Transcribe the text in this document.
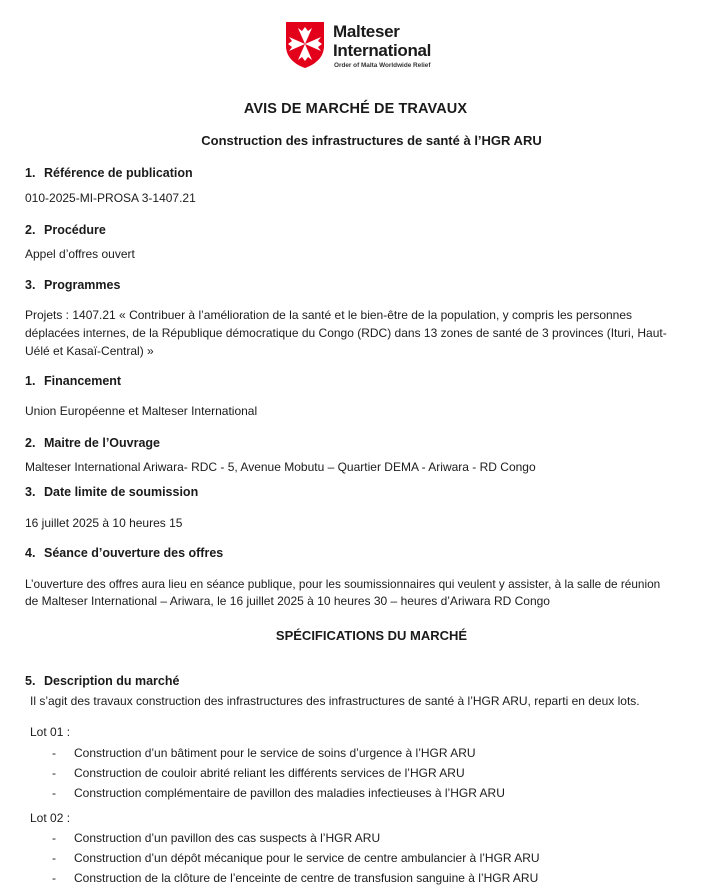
Malteser
International
Order of Malta Worldwide Relief
AVIS DE MARCHÉ DE TRAVAUX
Construction des infrastructures de santé à l’HGR ARU
1. Référence de publication
010-2025-MI-PROSA 3-1407.21
2. Procédure
Appel d’offres ouvert
3. Programmes
Projets : 1407.21 « Contribuer à l’amélioration de la santé et le bien-être de la population, y compris les personnes
déplacées internes, de la République démocratique du Congo (RDC) dans 13 zones de santé de 3 provinces (Ituri, Haut-
Uélé et Kasaï-Central) »
1. Financement
Union Européenne et Malteser International
2. Maitre de l’Ouvrage
Malteser International Ariwara- RDC - 5, Avenue Mobutu – Quartier DEMA - Ariwara - RD Congo
3. Date limite de soumission
16 juillet 2025 à 10 heures 15
4. Séance d’ouverture des offres
L’ouverture des offres aura lieu en séance publique, pour les soumissionnaires qui veulent y assister, à la salle de réunion
de Malteser International – Ariwara, le 16 juillet 2025 à 10 heures 30 – heures d’Ariwara RD Congo
SPÉCIFICATIONS DU MARCHÉ
5. Description du marché
Il s’agit des travaux construction des infrastructures des infrastructures de santé à l’HGR ARU, reparti en deux lots.
Lot 01 :
- Construction d’un bâtiment pour le service de soins d’urgence à l’HGR ARU
- Construction de couloir abrité reliant les différents services de l’HGR ARU
- Construction complémentaire de pavillon des maladies infectieuses à l’HGR ARU
Lot 02 :
- Construction d’un pavillon des cas suspects à l’HGR ARU
- Construction d’un dépôt mécanique pour le service de centre ambulancier à l’HGR ARU
- Construction de la clôture de l’enceinte de centre de transfusion sanguine à l’HGR ARU
